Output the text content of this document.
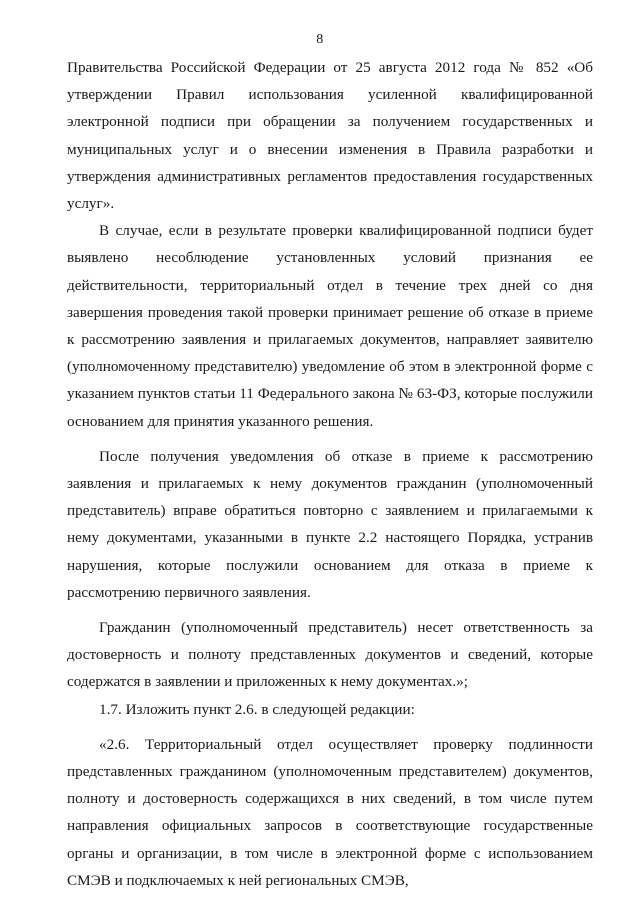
8

Правительства Российской Федерации от 25 августа 2012 года № 852 «Об утверждении Правил использования усиленной квалифицированной электронной подписи при обращении за получением государственных и муниципальных услуг и о внесении изменения в Правила разработки и утверждения административных регламентов предоставления государственных услуг».

В случае, если в результате проверки квалифицированной подписи будет выявлено несоблюдение установленных условий признания ее действительности, территориальный отдел в течение трех дней со дня завершения проведения такой проверки принимает решение об отказе в приеме к рассмотрению заявления и прилагаемых документов, направляет заявителю (уполномоченному представителю) уведомление об этом в электронной форме с указанием пунктов статьи 11 Федерального закона № 63-ФЗ, которые послужили основанием для принятия указанного решения.

После получения уведомления об отказе в приеме к рассмотрению заявления и прилагаемых к нему документов гражданин (уполномоченный представитель) вправе обратиться повторно с заявлением и прилагаемыми к нему документами, указанными в пункте 2.2 настоящего Порядка, устранив нарушения, которые послужили основанием для отказа в приеме к рассмотрению первичного заявления.

Гражданин (уполномоченный представитель) несет ответственность за достоверность и полноту представленных документов и сведений, которые содержатся в заявлении и приложенных к нему документах.»;

1.7. Изложить пункт 2.6. в следующей редакции:

«2.6. Территориальный отдел осуществляет проверку подлинности представленных гражданином (уполномоченным представителем) документов, полноту и достоверность содержащихся в них сведений, в том числе путем направления официальных запросов в соответствующие государственные органы и организации, в том числе в электронной форме с использованием СМЭВ и подключаемых к ней региональных СМЭВ,
